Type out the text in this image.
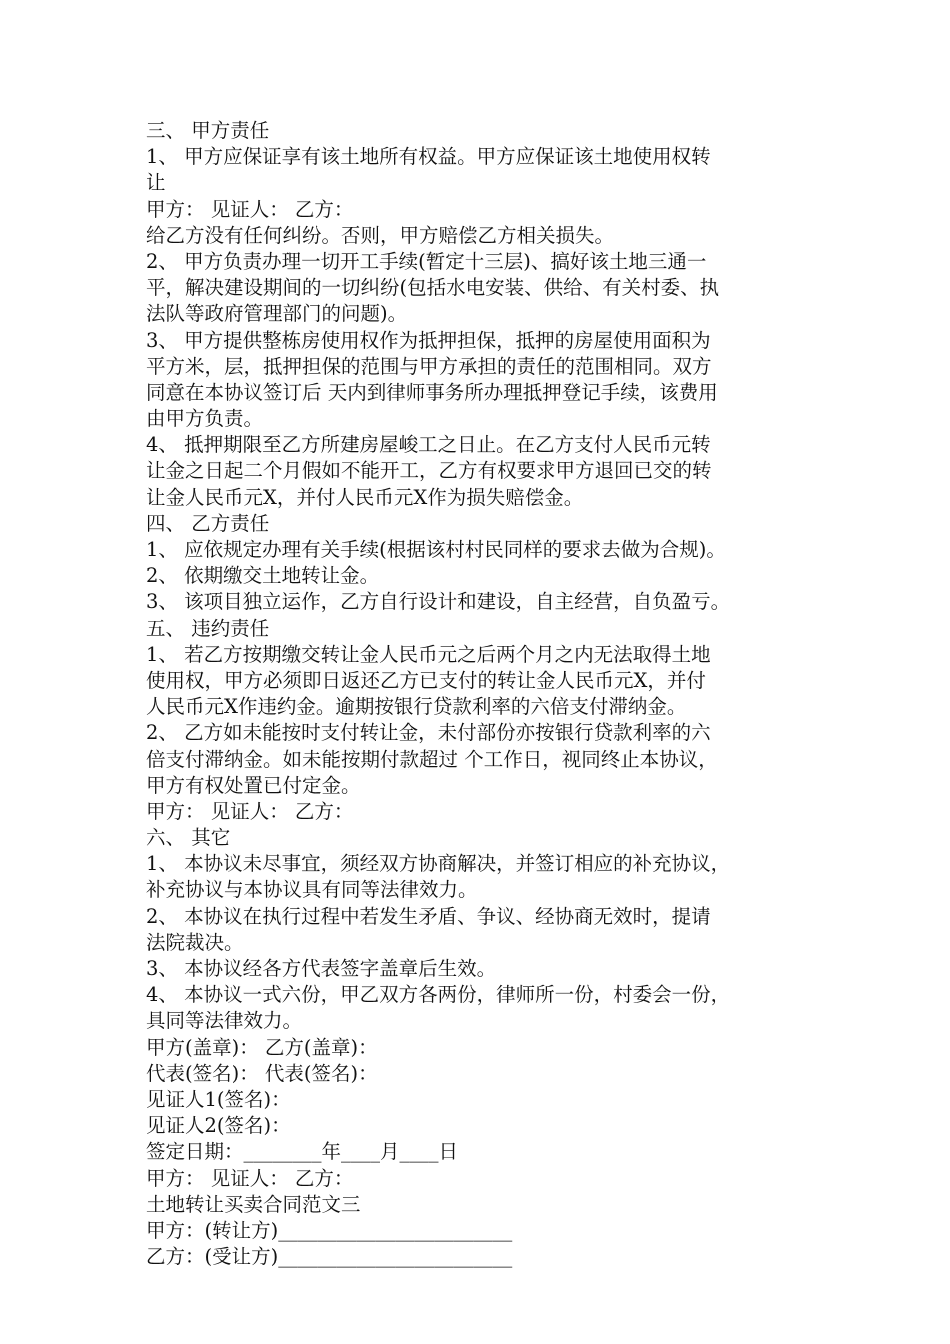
三、 甲方责任
1、 甲方应保证享有该土地所有权益。甲方应保证该土地使用权转
让
甲方： 见证人： 乙方：
给乙方没有任何纠纷。否则，甲方赔偿乙方相关损失。
2、 甲方负责办理一切开工手续(暂定十三层)、搞好该土地三通一
平，解决建设期间的一切纠纷(包括水电安装、供给、有关村委、执
法队等政府管理部门的问题)。
3、 甲方提供整栋房使用权作为抵押担保，抵押的房屋使用面积为
平方米，层，抵押担保的范围与甲方承担的责任的范围相同。双方
同意在本协议签订后 天内到律师事务所办理抵押登记手续，该费用
由甲方负责。
4、 抵押期限至乙方所建房屋峻工之日止。在乙方支付人民币元转
让金之日起二个月假如不能开工，乙方有权要求甲方退回已交的转
让金人民币元X，并付人民币元X作为损失赔偿金。
四、 乙方责任
1、 应依规定办理有关手续(根据该村村民同样的要求去做为合规)。
2、 依期缴交土地转让金。
3、 该项目独立运作，乙方自行设计和建设，自主经营，自负盈亏。
五、 违约责任
1、 若乙方按期缴交转让金人民币元之后两个月之内无法取得土地
使用权，甲方必须即日返还乙方已支付的转让金人民币元X，并付
人民币元X作违约金。逾期按银行贷款利率的六倍支付滞纳金。
2、 乙方如未能按时支付转让金，未付部份亦按银行贷款利率的六
倍支付滞纳金。如未能按期付款超过 个工作日，视同终止本协议，
甲方有权处置已付定金。
甲方： 见证人： 乙方：
六、 其它
1、 本协议未尽事宜，须经双方协商解决，并签订相应的补充协议，
补充协议与本协议具有同等法律效力。
2、 本协议在执行过程中若发生矛盾、争议、经协商无效时，提请
法院裁决。
3、 本协议经各方代表签字盖章后生效。
4、 本协议一式六份，甲乙双方各两份，律师所一份，村委会一份，
具同等法律效力。
甲方(盖章)： 乙方(盖章)：
代表(签名)： 代表(签名)：
见证人1(签名)：
见证人2(签名)：
签定日期：________年____月____日
甲方： 见证人： 乙方：
土地转让买卖合同范文三
甲方：(转让方)________________________
乙方：(受让方)________________________
